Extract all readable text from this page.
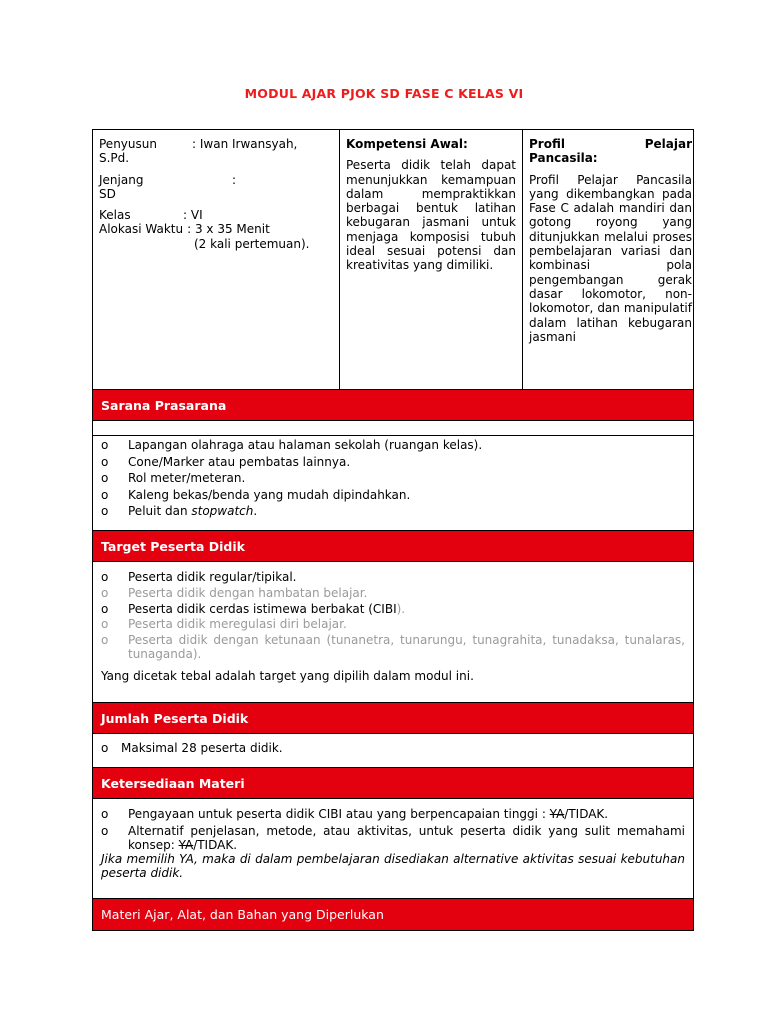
MODUL AJAR PJOK SD FASE C KELAS VI
Penyusun	: Iwan Irwansyah,
S.Pd.
Jenjang	:
SD
Kelas	: VI
Alokasi Waktu : 3 x 35 Menit
(2 kali pertemuan).
Kompetensi Awal:
Peserta didik telah dapat menunjukkan kemampuan dalam mempraktikkan berbagai bentuk latihan kebugaran jasmani untuk menjaga komposisi tubuh ideal sesuai potensi dan kreativitas yang dimiliki.
Profil	Pelajar
Pancasila:
Profil Pelajar Pancasila yang dikembangkan pada Fase C adalah mandiri dan gotong royong yang ditunjukkan melalui proses pembelajaran variasi dan kombinasi pola pengembangan gerak dasar lokomotor, non-lokomotor, dan manipulatif dalam latihan kebugaran jasmani
Sarana Prasarana
o	Lapangan olahraga atau halaman sekolah (ruangan kelas).
o	Cone/Marker atau pembatas lainnya.
o	Rol meter/meteran.
o	Kaleng bekas/benda yang mudah dipindahkan.
o	Peluit dan stopwatch.
Target Peserta Didik
o	Peserta didik regular/tipikal.
o	Peserta didik dengan hambatan belajar.
o	Peserta didik cerdas istimewa berbakat (CIBI).
o	Peserta didik meregulasi diri belajar.
o	Peserta didik dengan ketunaan (tunanetra, tunarungu, tunagrahita, tunadaksa, tunalaras, tunaganda).
Yang dicetak tebal adalah target yang dipilih dalam modul ini.
Jumlah Peserta Didik
o	Maksimal 28 peserta didik.
Ketersediaan Materi
o	Pengayaan untuk peserta didik CIBI atau yang berpencapaian tinggi : YA/TIDAK.
o	Alternatif penjelasan, metode, atau aktivitas, untuk peserta didik yang sulit memahami konsep: YA/TIDAK.
Jika memilih YA, maka di dalam pembelajaran disediakan alternative aktivitas sesuai kebutuhan peserta didik.
Materi Ajar, Alat, dan Bahan yang Diperlukan
